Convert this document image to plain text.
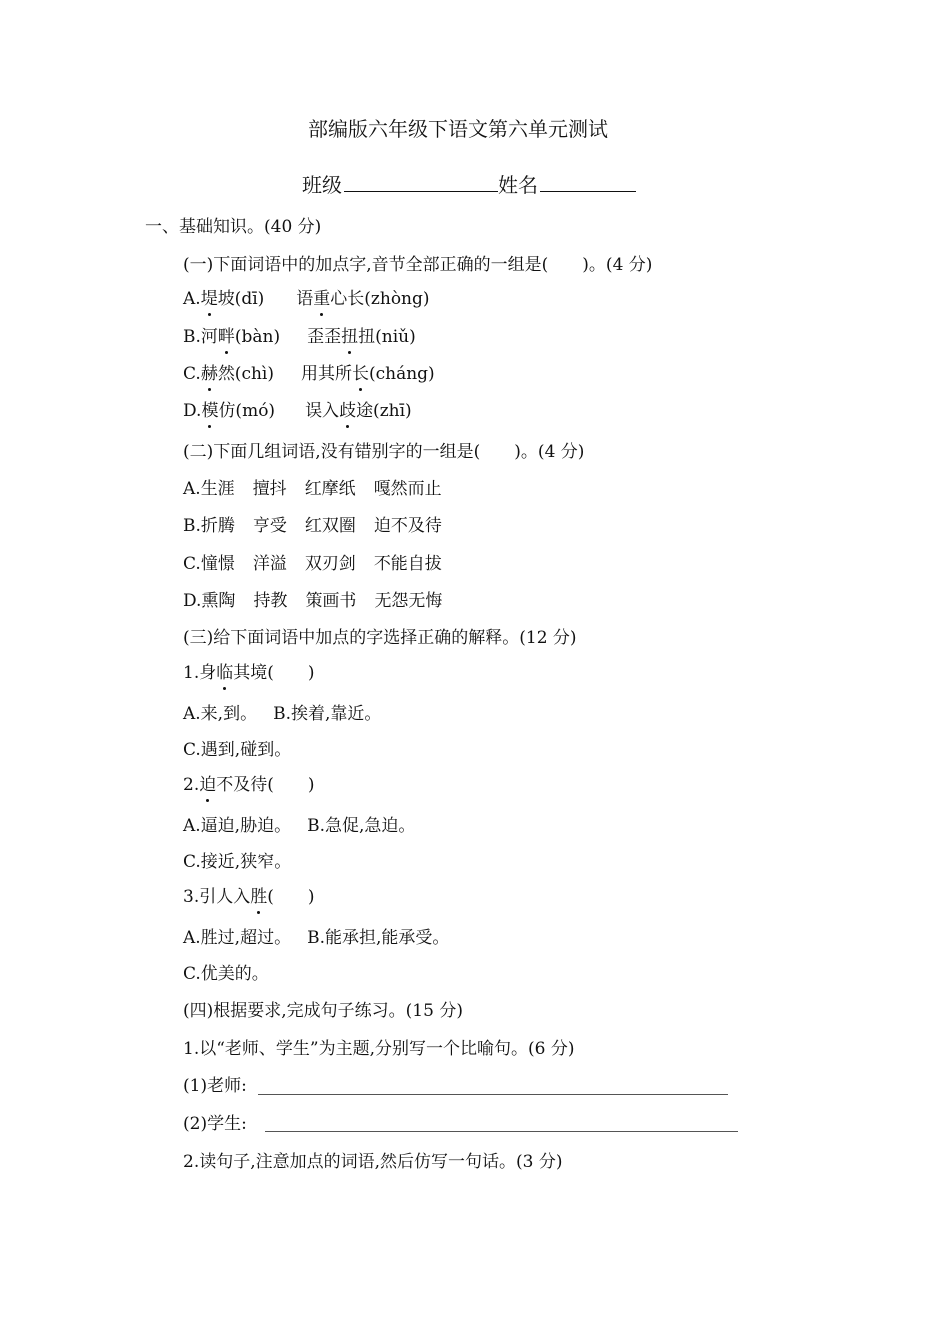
部编版六年级下语文第六单元测试
班级	姓名
一、基础知识。(40 分)
(一)下面词语中的加点字,音节全部正确的一组是(　　)。(4 分)
A.堤坡(dī) 语重心长(zhòng)
B.河畔(bàn) 歪歪扭扭(niǔ)
C.赫然(chì) 用其所长(cháng)
D.模仿(mó) 误入歧途(zhī)
(二)下面几组词语,没有错别字的一组是(　　)。(4 分)
A.生涯 擅抖 红摩纸 嘎然而止
B.折腾 亨受 红双圈 迫不及待
C.憧憬 洋溢 双刃剑 不能自拔
D.熏陶 持教 策画书 无怨无悔
(三)给下面词语中加点的字选择正确的解释。(12 分)
1.身临其境(　　)
A.来,到。 B.挨着,靠近。
C.遇到,碰到。
2.迫不及待(　　)
A.逼迫,胁迫。 B.急促,急迫。
C.接近,狭窄。
3.引人入胜(　　)
A.胜过,超过。 B.能承担,能承受。
C.优美的。
(四)根据要求,完成句子练习。(15 分)
1.以“老师、学生”为主题,分别写一个比喻句。(6 分)
(1)老师:
(2)学生:
2.读句子,注意加点的词语,然后仿写一句话。(3 分)
